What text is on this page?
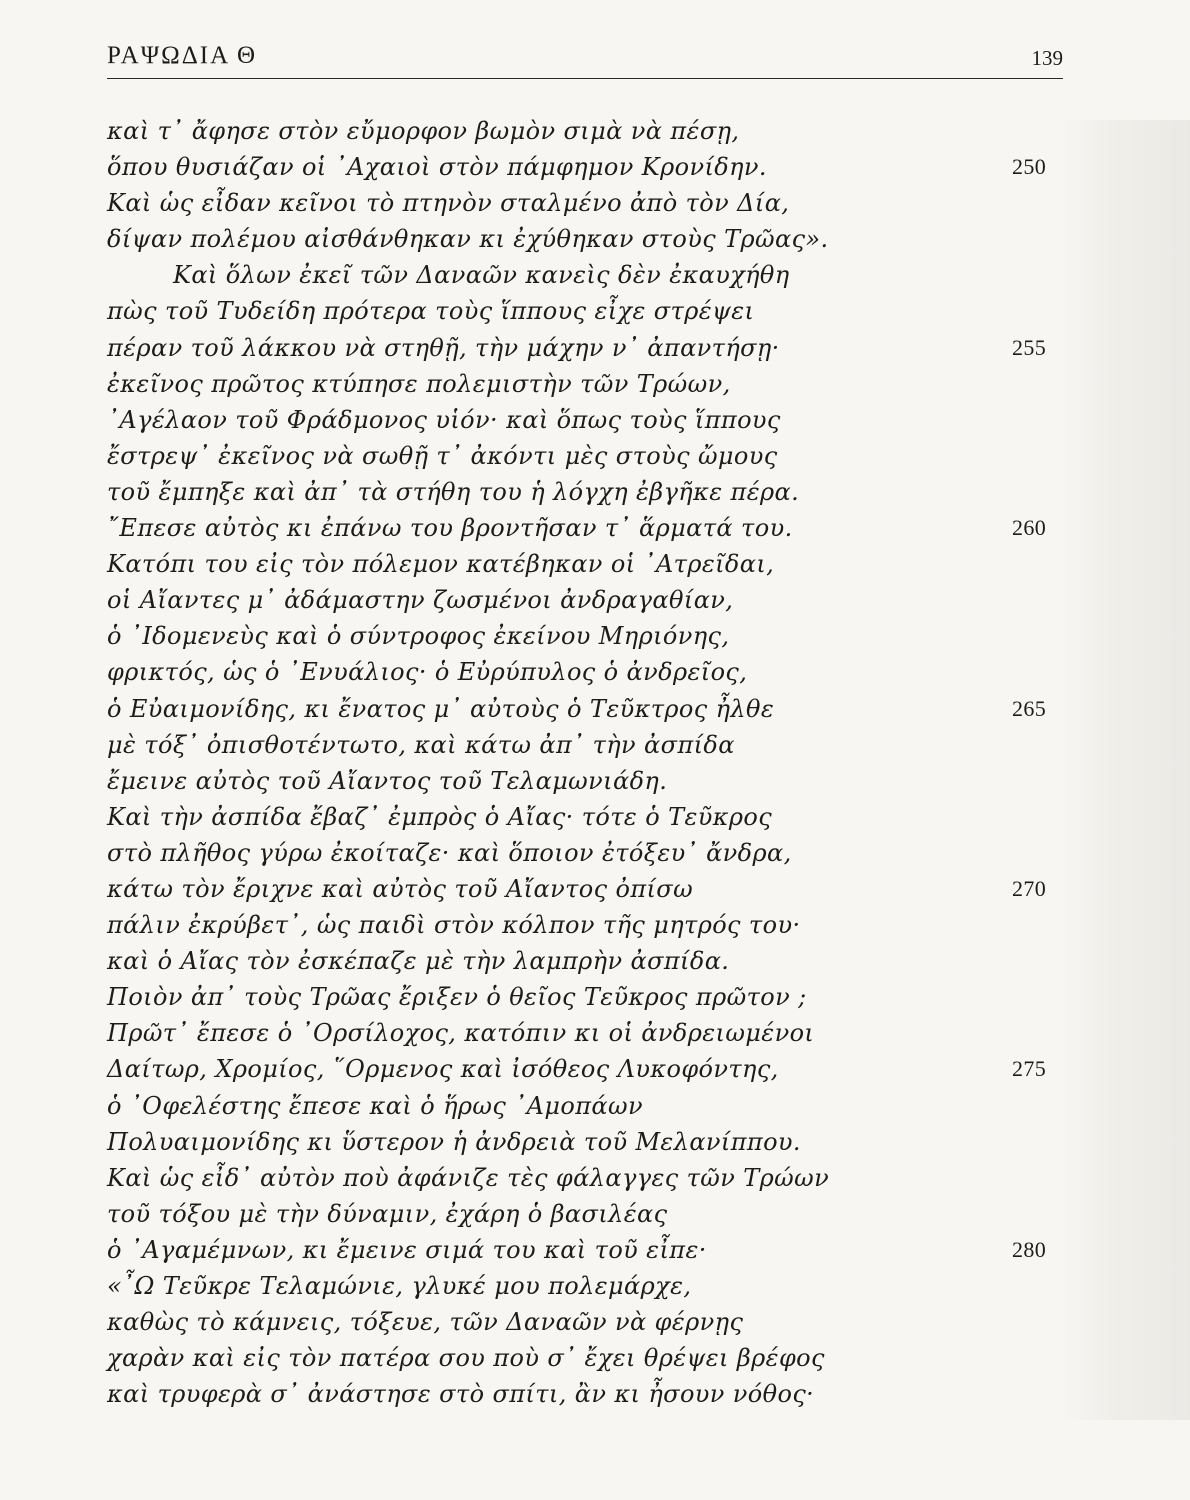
ΡΑΨΩΔΙΑ Θ	139
καὶ τ᾽ ἄφησε στὸν εὔμορφον βωμὸν σιμὰ νὰ πέσῃ,
ὅπου θυσιάζαν οἱ ᾽Αχαιοὶ στὸν πάμφημον Κρονίδην.	250
Καὶ ὡς εἶδαν κεῖνοι τὸ πτηνὸν σταλμένο ἀπὸ τὸν Δία,
δίψαν πολέμου αἰσθάνθηκαν κι ἐχύθηκαν στοὺς Τρῶας».
Καὶ ὅλων ἐκεῖ τῶν Δαναῶν κανεὶς δὲν ἐκαυχήθη
πὼς τοῦ Τυδείδη πρότερα τοὺς ἵππους εἶχε στρέψει
πέραν τοῦ λάκκου νὰ στηθῇ, τὴν μάχην ν᾽ ἀπαντήσῃ·	255
ἐκεῖνος πρῶτος κτύπησε πολεμιστὴν τῶν Τρώων,
᾽Αγέλαον τοῦ Φράδμονος υἱόν· καὶ ὅπως τοὺς ἵππους
ἔστρεψ᾽ ἐκεῖνος νὰ σωθῇ τ᾽ ἀκόντι μὲς στοὺς ὤμους
τοῦ ἔμπηξε καὶ ἀπ᾽ τὰ στήθη του ἡ λόγχη ἐβγῆκε πέρα.
῎Επεσε αὐτὸς κι ἐπάνω του βροντῆσαν τ᾽ ἅρματά του.	260
Κατόπι του εἰς τὸν πόλεμον κατέβηκαν οἱ ᾽Ατρεῖδαι,
οἱ Αἴαντες μ᾽ ἀδάμαστην ζωσμένοι ἀνδραγαθίαν,
ὁ ᾽Ιδομενεὺς καὶ ὁ σύντροφος ἐκείνου Μηριόνης,
φρικτός, ὡς ὁ ᾽Ενυάλιος· ὁ Εὐρύπυλος ὁ ἀνδρεῖος,
ὁ Εὐαιμονίδης, κι ἔνατος μ᾽ αὐτοὺς ὁ Τεῦκτρος ἦλθε	265
μὲ τόξ᾽ ὀπισθοτέντωτο, καὶ κάτω ἀπ᾽ τὴν ἀσπίδα
ἔμεινε αὐτὸς τοῦ Αἴαντος τοῦ Τελαμωνιάδη.
Καὶ τὴν ἀσπίδα ἔβαζ᾽ ἐμπρὸς ὁ Αἴας· τότε ὁ Τεῦκρος
στὸ πλῆθος γύρω ἐκοίταζε· καὶ ὅποιον ἐτόξευ᾽ ἄνδρα,
κάτω τὸν ἔριχνε καὶ αὐτὸς τοῦ Αἴαντος ὀπίσω	270
πάλιν ἐκρύβετ᾽, ὡς παιδὶ στὸν κόλπον τῆς μητρός του·
καὶ ὁ Αἴας τὸν ἐσκέπαζε μὲ τὴν λαμπρὴν ἀσπίδα.
Ποιὸν ἀπ᾽ τοὺς Τρῶας ἔριξεν ὁ θεῖος Τεῦκρος πρῶτον ;
Πρῶτ᾽ ἔπεσε ὁ ᾽Ορσίλοχος, κατόπιν κι οἱ ἀνδρειωμένοι
Δαίτωρ, Χρομίος, ῞Ορμενος καὶ ἰσόθεος Λυκοφόντης,	275
ὁ ᾽Οφελέστης ἔπεσε καὶ ὁ ἥρως ᾽Αμοπάων
Πολυαιμονίδης κι ὕστερον ἡ ἀνδρειὰ τοῦ Μελανίππου.
Καὶ ὡς εἶδ᾽ αὐτὸν ποὺ ἀφάνιζε τὲς φάλαγγες τῶν Τρώων
τοῦ τόξου μὲ τὴν δύναμιν, ἐχάρη ὁ βασιλέας
ὁ ᾽Αγαμέμνων, κι ἔμεινε σιμά του καὶ τοῦ εἶπε·	280
«῏Ω Τεῦκρε Τελαμώνιε, γλυκέ μου πολεμάρχε,
καθὼς τὸ κάμνεις, τόξευε, τῶν Δαναῶν νὰ φέρνῃς
χαρὰν καὶ εἰς τὸν πατέρα σου ποὺ σ᾽ ἔχει θρέψει βρέφος
καὶ τρυφερὰ σ᾽ ἀνάστησε στὸ σπίτι, ἂν κι ἦσουν νόθος·
